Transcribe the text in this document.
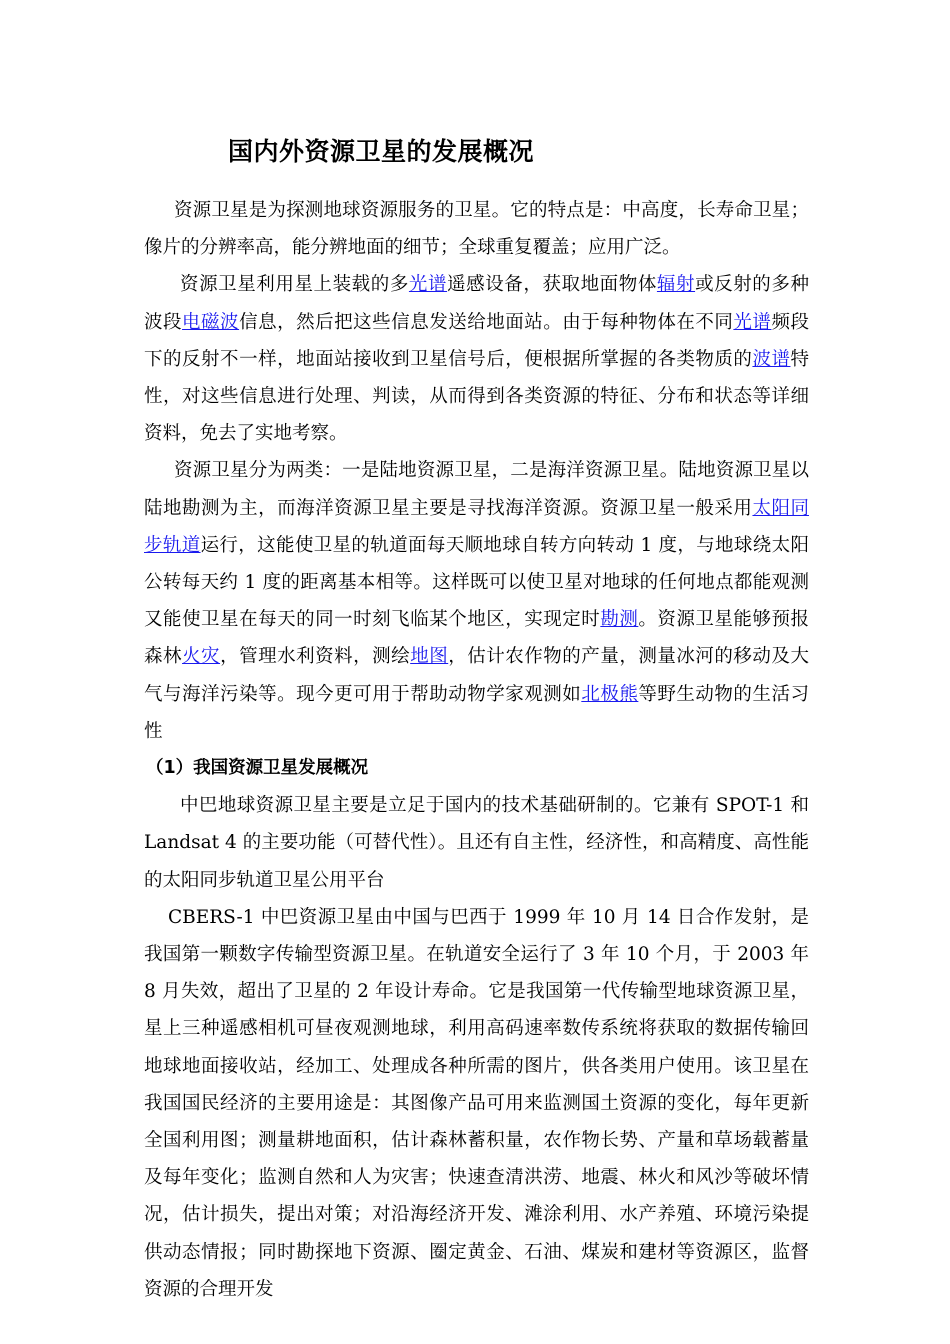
国内外资源卫星的发展概况

资源卫星是为探测地球资源服务的卫星。它的特点是：中高度，长寿命卫星；像片的分辨率高，能分辨地面的细节；全球重复覆盖；应用广泛。

资源卫星利用星上装载的多光谱遥感设备，获取地面物体辐射或反射的多种波段电磁波信息，然后把这些信息发送给地面站。由于每种物体在不同光谱频段下的反射不一样，地面站接收到卫星信号后，便根据所掌握的各类物质的波谱特性，对这些信息进行处理、判读，从而得到各类资源的特征、分布和状态等详细资料，免去了实地考察。

资源卫星分为两类：一是陆地资源卫星，二是海洋资源卫星。陆地资源卫星以陆地勘测为主，而海洋资源卫星主要是寻找海洋资源。资源卫星一般采用太阳同步轨道运行，这能使卫星的轨道面每天顺地球自转方向转动 1 度，与地球绕太阳公转每天约 1 度的距离基本相等。这样既可以使卫星对地球的任何地点都能观测又能使卫星在每天的同一时刻飞临某个地区，实现定时勘测。资源卫星能够预报森林火灾，管理水利资料，测绘地图，估计农作物的产量，测量冰河的移动及大气与海洋污染等。现今更可用于帮助动物学家观测如北极熊等野生动物的生活习性

（1）我国资源卫星发展概况

中巴地球资源卫星主要是立足于国内的技术基础研制的。它兼有 SPOT-1 和 Landsat 4 的主要功能（可替代性）。且还有自主性，经济性，和高精度、高性能的太阳同步轨道卫星公用平台

CBERS-1 中巴资源卫星由中国与巴西于 1999 年 10 月 14 日合作发射，是我国第一颗数字传输型资源卫星。在轨道安全运行了 3 年 10 个月，于 2003 年 8 月失效，超出了卫星的 2 年设计寿命。它是我国第一代传输型地球资源卫星，星上三种遥感相机可昼夜观测地球，利用高码速率数传系统将获取的数据传输回地球地面接收站，经加工、处理成各种所需的图片，供各类用户使用。该卫星在我国国民经济的主要用途是：其图像产品可用来监测国土资源的变化，每年更新全国利用图；测量耕地面积，估计森林蓄积量，农作物长势、产量和草场载蓄量及每年变化；监测自然和人为灾害；快速查清洪涝、地震、林火和风沙等破坏情况，估计损失，提出对策；对沿海经济开发、滩涂利用、水产养殖、环境污染提供动态情报；同时勘探地下资源、圈定黄金、石油、煤炭和建材等资源区，监督资源的合理开发
